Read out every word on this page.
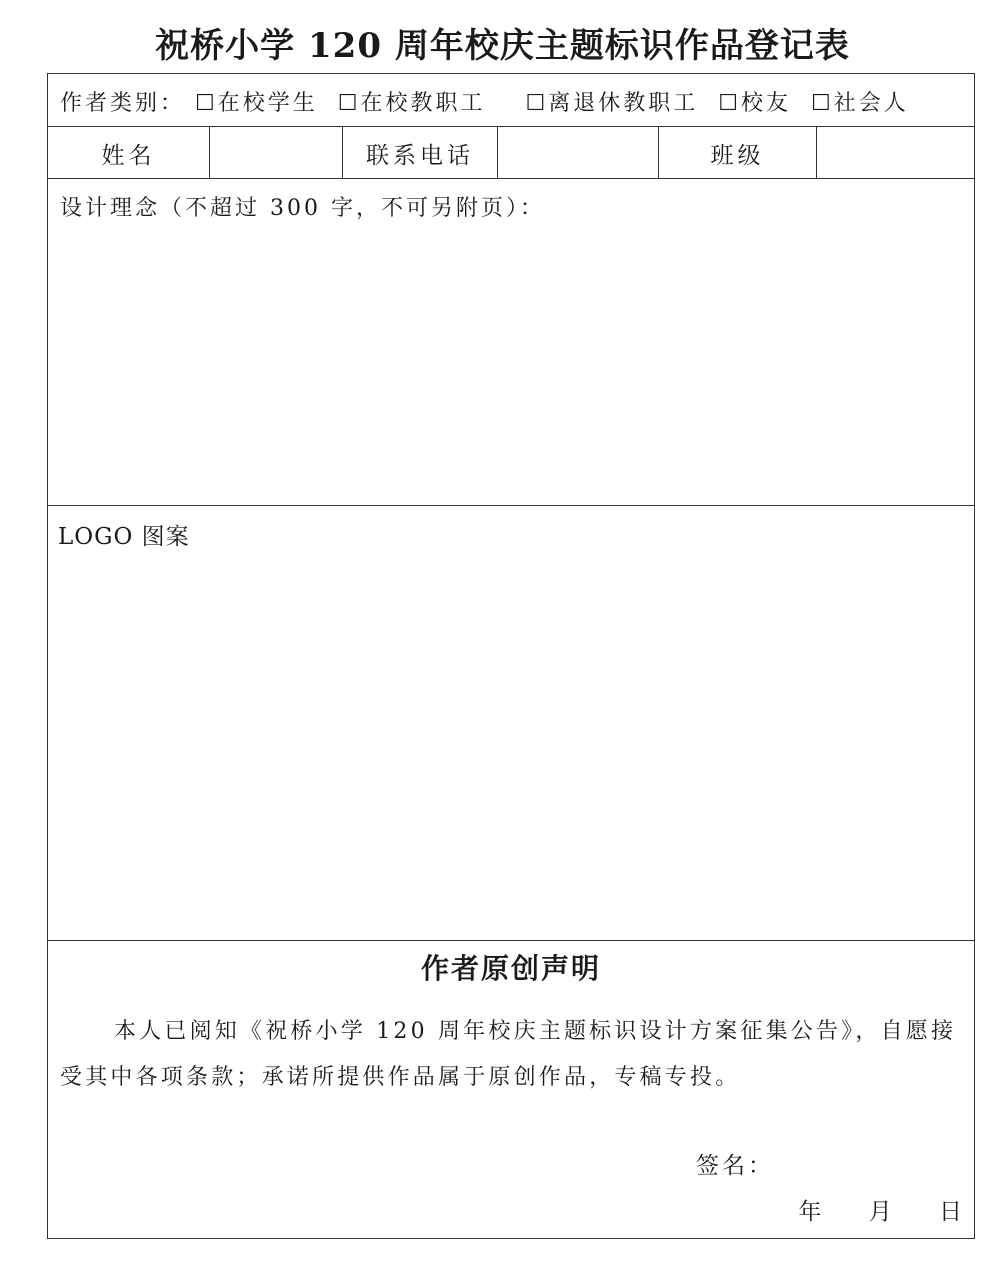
祝桥小学 120 周年校庆主题标识作品登记表
作者类别： ☐在校学生 ☐在校教职工 ☐离退休教职工 ☐校友 ☐社会人
姓名	联系电话	班级
设计理念（不超过 300 字，不可另附页）：
LOGO 图案
作者原创声明
本人已阅知《祝桥小学 120 周年校庆主题标识设计方案征集公告》，自愿接受其中各项条款；承诺所提供作品属于原创作品，专稿专投。
签名：
年 月 日
